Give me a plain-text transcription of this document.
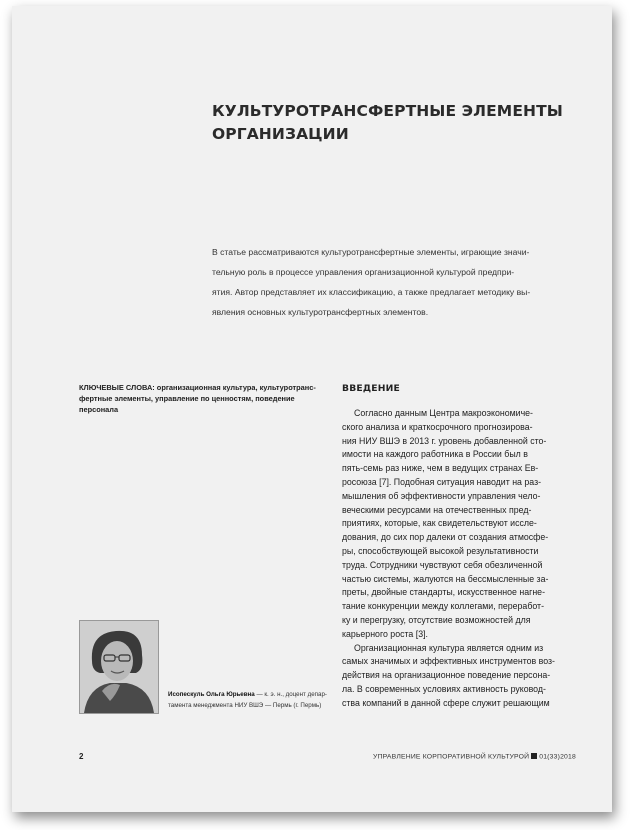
КУЛЬТУРОТРАНСФЕРТНЫЕ ЭЛЕМЕНТЫ
ОРГАНИЗАЦИИ
В статье рассматриваются культуротрансфертные элементы, играющие значи-
тельную роль в процессе управления организационной культурой предпри-
ятия. Автор представляет их классификацию, а также предлагает методику вы-
явления основных культуротрансфертных элементов.
КЛЮЧЕВЫЕ СЛОВА: организационная культура, культуротранс-
фертные элементы, управление по ценностям, поведение
персонала
ВВЕДЕНИЕ
Согласно данным Центра макроэкономиче-
ского анализа и краткосрочного прогнозирова-
ния НИУ ВШЭ в 2013 г. уровень добавленной сто-
имости на каждого работника в России был в
пять-семь раз ниже, чем в ведущих странах Ев-
росоюза [7]. Подобная ситуация наводит на раз-
мышления об эффективности управления чело-
веческими ресурсами на отечественных пред-
приятиях, которые, как свидетельствуют иссле-
дования, до сих пор далеки от создания атмосфе-
ры, способствующей высокой результативности
труда. Сотрудники чувствуют себя обезличенной
частью системы, жалуются на бессмысленные за-
преты, двойные стандарты, искусственное нагне-
тание конкуренции между коллегами, переработ-
ку и перегрузку, отсутствие возможностей для
карьерного роста [3].
Организационная культура является одним из
самых значимых и эффективных инструментов воз-
действия на организационное поведение персона-
ла. В современных условиях активность руковод-
ства компаний в данной сфере служит решающим
Исопескуль Ольга Юрьевна — к. э. н., доцент депар-
тамента менеджмента НИУ ВШЭ — Пермь (г. Пермь)
2	УПРАВЛЕНИЕ КОРПОРАТИВНОЙ КУЛЬТУРОЙ 01(33)2018
